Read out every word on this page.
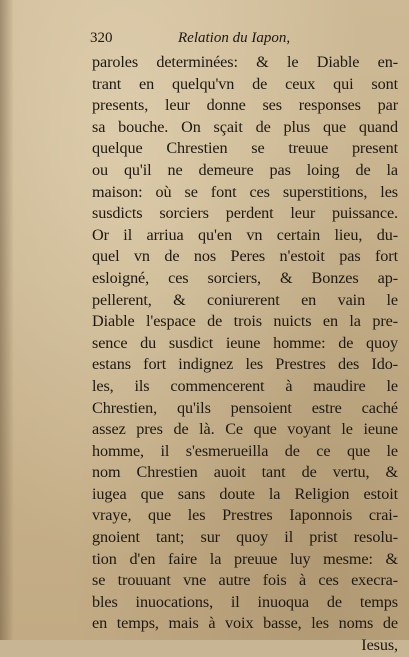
320	Relation du Iapon,
paroles determinées: & le Diable en-
trant en quelqu'vn de ceux qui sont
presents, leur donne ses responses par
sa bouche. On sçait de plus que quand
quelque Chrestien se treuue present
ou qu'il ne demeure pas loing de la
maison: où se font ces superstitions, les
susdicts sorciers perdent leur puissance.
Or il arriua qu'en vn certain lieu, du-
quel vn de nos Peres n'estoit pas fort
esloigné, ces sorciers, & Bonzes ap-
pellerent, & coniurerent en vain le
Diable l'espace de trois nuicts en la pre-
sence du susdict ieune homme: de quoy
estans fort indignez les Prestres des Ido-
les, ils commencerent à maudire le
Chrestien, qu'ils pensoient estre caché
assez pres de là. Ce que voyant le ieune
homme, il s'esmerueilla de ce que le
nom Chrestien auoit tant de vertu, &
iugea que sans doute la Religion estoit
vraye, que les Prestres Iaponnois crai-
gnoient tant; sur quoy il prist resolu-
tion d'en faire la preuue luy mesme: &
se trouuant vne autre fois à ces execra-
bles inuocations, il inuoqua de temps
en temps, mais à voix basse, les noms de
Iesus,
